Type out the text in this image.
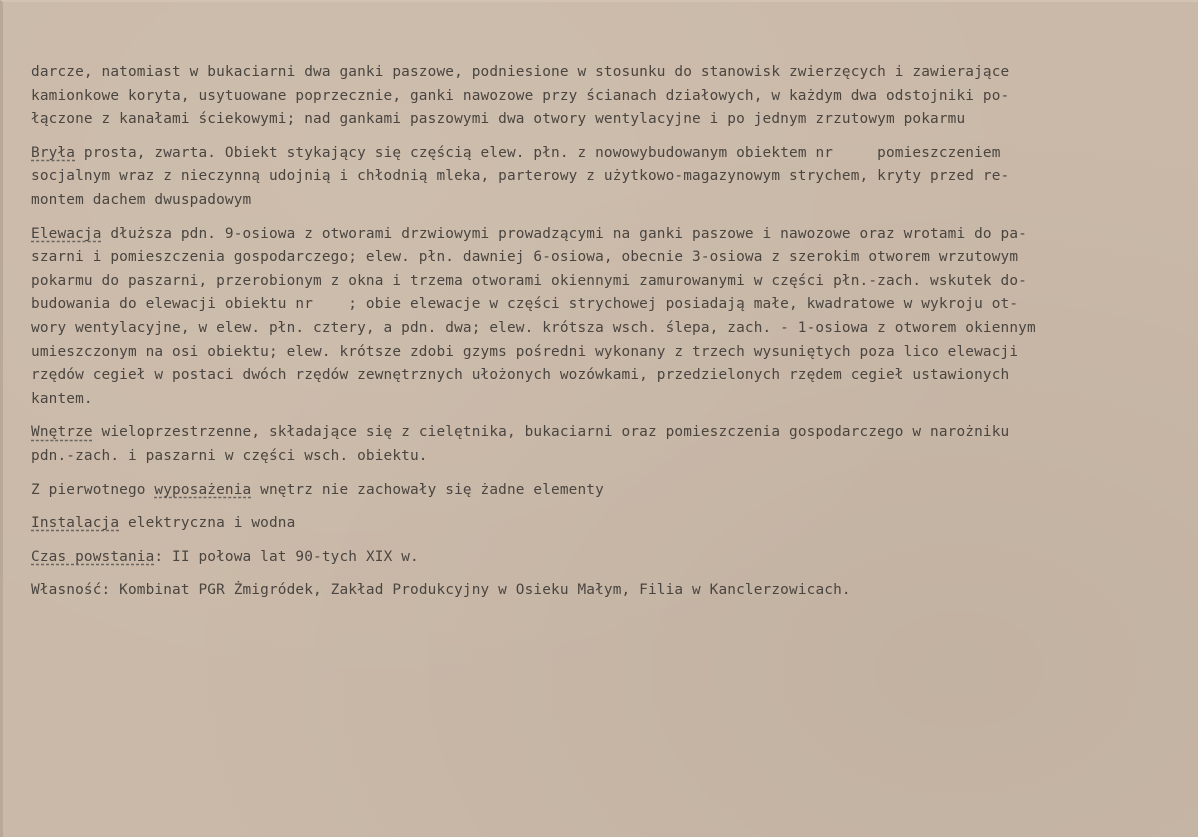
darcze, natomiast w bukaciarni dwa ganki paszowe, podniesione w stosunku do stanowisk zwierzęcych i zawierające
kamionkowe koryta, usytuowane poprzecznie, ganki nawozowe przy ścianach działowych, w każdym dwa odstojniki po-
łączone z kanałami ściekowymi; nad gankami paszowymi dwa otwory wentylacyjne i po jednym zrzutowym pokarmu
Bryła prosta, zwarta. Obiekt stykający się częścią elew. płn. z nowowybudowanym obiektem nr     pomieszczeniem
socjalnym wraz z nieczynną udojnią i chłodnią mleka, parterowy z użytkowo-magazynowym strychem, kryty przed re-
montem dachem dwuspadowym
Elewacja dłuższa pdn. 9-osiowa z otworami drzwiowymi prowadzącymi na ganki paszowe i nawozowe oraz wrotami do pa-
szarni i pomieszczenia gospodarczego; elew. płn. dawniej 6-osiowa, obecnie 3-osiowa z szerokim otworem wrzutowym
pokarmu do paszarni, przerobionym z okna i trzema otworami okiennymi zamurowanymi w części płn.-zach. wskutek do-
budowania do elewacji obiektu nr    ; obie elewacje w części strychowej posiadają małe, kwadratowe w wykroju ot-
wory wentylacyjne, w elew. płn. cztery, a pdn. dwa; elew. krótsza wsch. ślepa, zach. - 1-osiowa z otworem okiennym
umieszczonym na osi obiektu; elew. krótsze zdobi gzyms pośredni wykonany z trzech wysuniętych poza lico elewacji
rzędów cegieł w postaci dwóch rzędów zewnętrznych ułożonych wozówkami, przedzielonych rzędem cegieł ustawionych
kantem.
Wnętrze wieloprzestrzenne, składające się z cielętnika, bukaciarni oraz pomieszczenia gospodarczego w narożniku
pdn.-zach. i paszarni w części wsch. obiektu.
Z pierwotnego wyposażenia wnętrz nie zachowały się żadne elementy
Instalacja elektryczna i wodna
Czas powstania: II połowa lat 90-tych XIX w.
Własność: Kombinat PGR Żmigródek, Zakład Produkcyjny w Osieku Małym, Filia w Kanclerzowicach.
